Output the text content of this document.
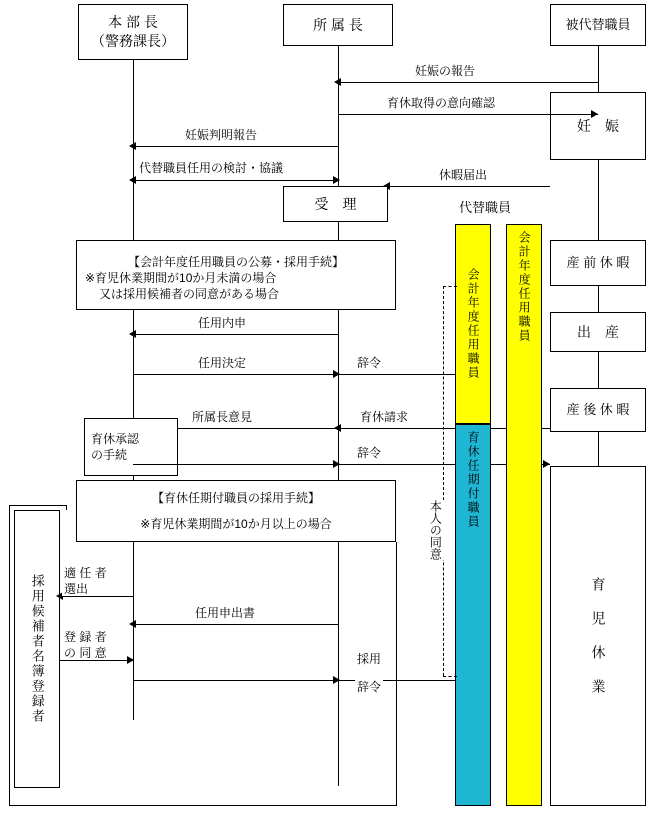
本 部 長
（警務課長）
所 属 長	被代替職員
代替職員
妊　娠
産 前 休 暇
出　産
産 後 休 暇
育 児 休 業
妊娠の報告
育休取得の意向確認
妊娠判明報告
代替職員任用の検討・協議	休暇届出
受　理
【会計年度任用職員の公募・採用手続】
※育児休業期間が10か月未満の場合
又は採用候補者の同意がある場合
任用内申
任用決定	辞令
所属長意見	育休請求
育休承認
の手続	辞令
【育休任期付職員の採用手続】
※育児休業期間が10か月以上の場合
採用候補者名簿登録者
適 任 者
選出
登 録 者
の 同 意
任用申出書
採用
辞令
会計年度任用職員	会計年度任用職員
育休任期付職員
本人の同意
